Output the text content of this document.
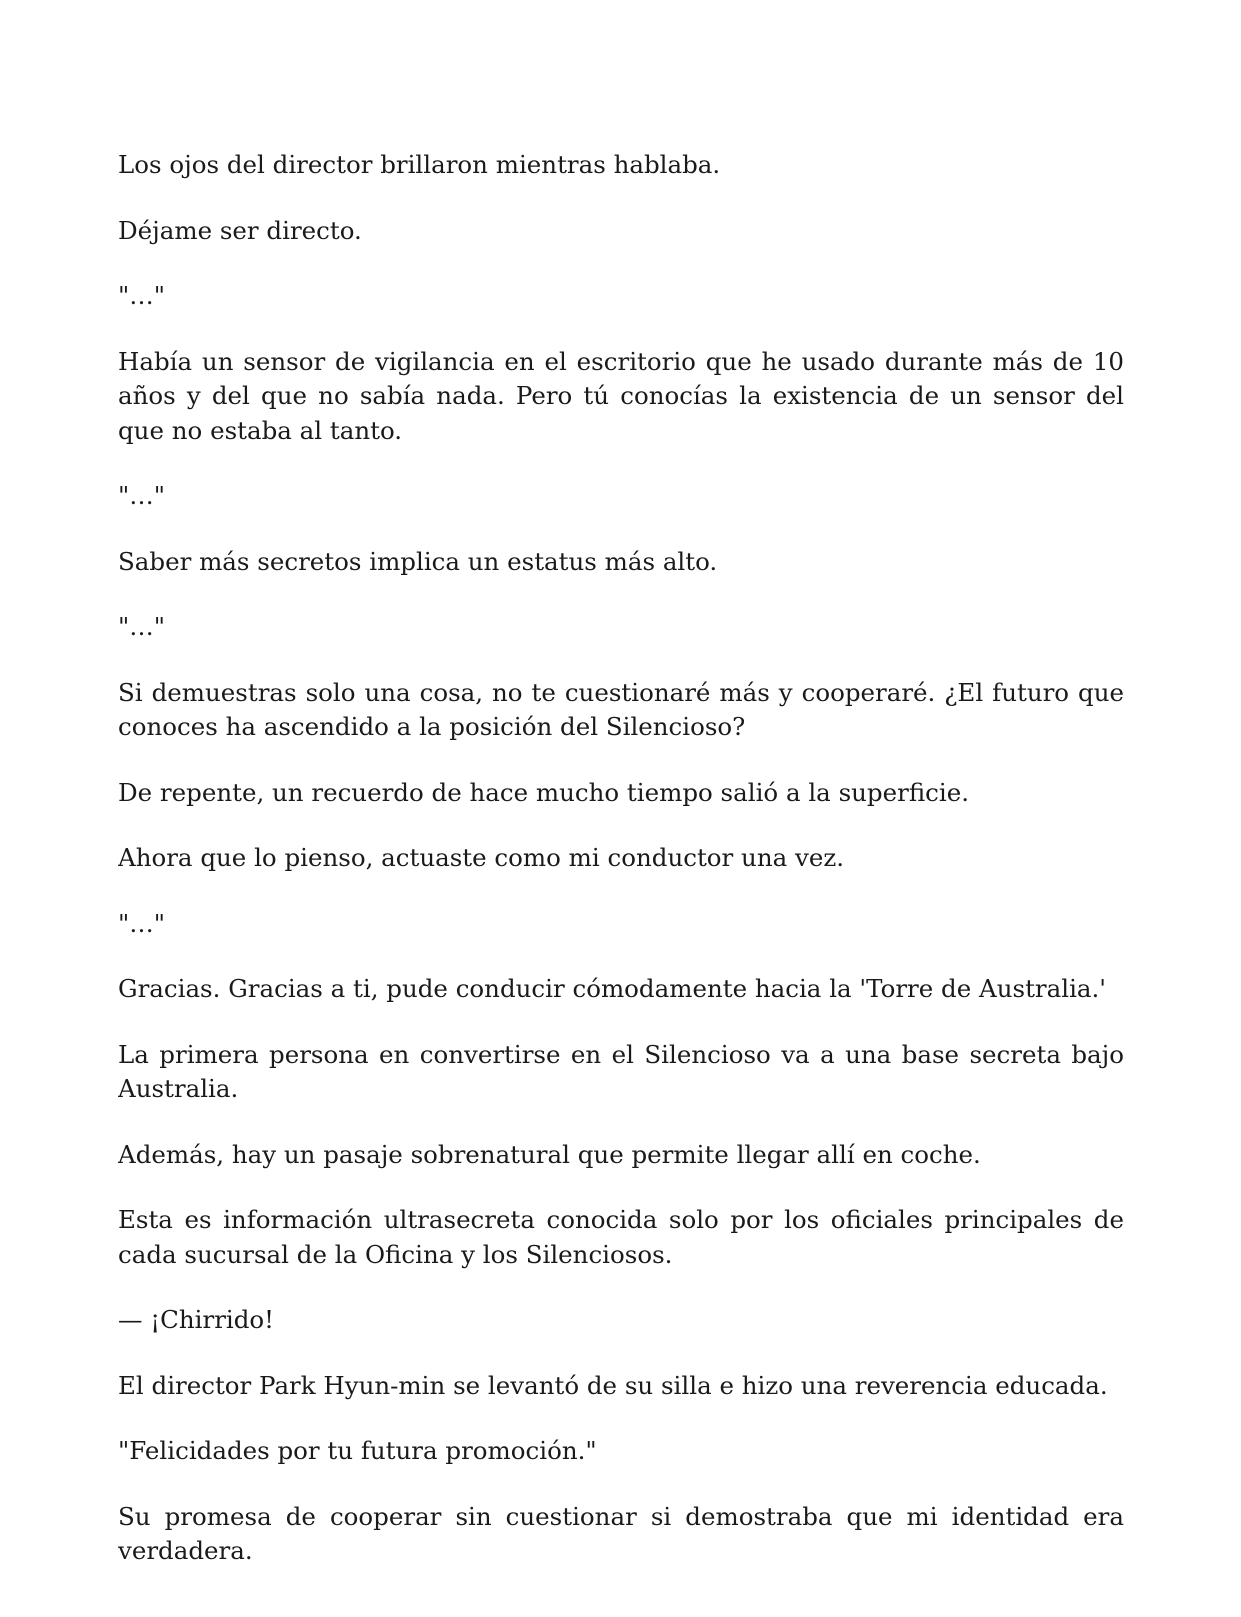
Los ojos del director brillaron mientras hablaba.

Déjame ser directo.

"…"

Había un sensor de vigilancia en el escritorio que he usado durante más de 10 años y del que no sabía nada. Pero tú conocías la existencia de un sensor del que no estaba al tanto.

"…"

Saber más secretos implica un estatus más alto.

"…"

Si demuestras solo una cosa, no te cuestionaré más y cooperaré. ¿El futuro que conoces ha ascendido a la posición del Silencioso?

De repente, un recuerdo de hace mucho tiempo salió a la superficie.

Ahora que lo pienso, actuaste como mi conductor una vez.

"…"

Gracias. Gracias a ti, pude conducir cómodamente hacia la 'Torre de Australia.'

La primera persona en convertirse en el Silencioso va a una base secreta bajo Australia.

Además, hay un pasaje sobrenatural que permite llegar allí en coche.

Esta es información ultrasecreta conocida solo por los oficiales principales de cada sucursal de la Oficina y los Silenciosos.

— ¡Chirrido!

El director Park Hyun-min se levantó de su silla e hizo una reverencia educada.

"Felicidades por tu futura promoción."

Su promesa de cooperar sin cuestionar si demostraba que mi identidad era verdadera.
